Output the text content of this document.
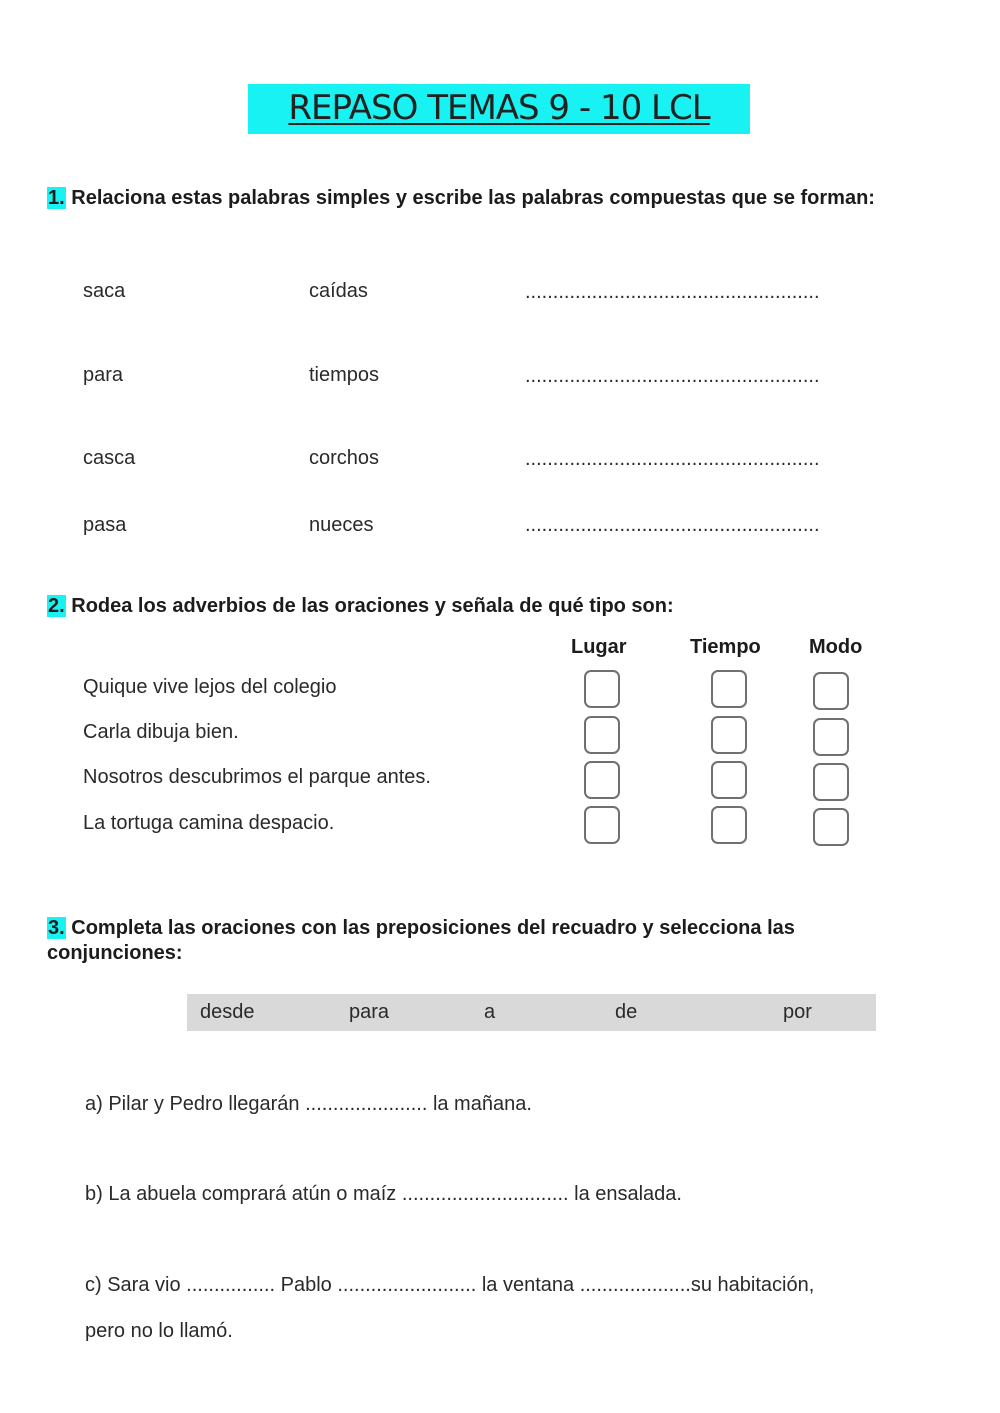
REPASO TEMAS 9 - 10 LCL
1. Relaciona estas palabras simples y escribe las palabras compuestas que se forman:
saca	caídas	.....................................................
para	tiempos	.....................................................
casca	corchos	.....................................................
pasa	nueces	.....................................................
2. Rodea los adverbios de las oraciones y señala de qué tipo son:
Lugar	Tiempo Modo
Quique vive lejos del colegio
Carla dibuja bien.
Nosotros descubrimos el parque antes.
La tortuga camina despacio.
3. Completa las oraciones con las preposiciones del recuadro y selecciona las
conjunciones:
desde	para	a	de	por
a) Pilar y Pedro llegarán ...................... la mañana.
b) La abuela comprará atún o maíz .............................. la ensalada.
c) Sara vio ................ Pablo ......................... la ventana ....................su habitación,
pero no lo llamó.
